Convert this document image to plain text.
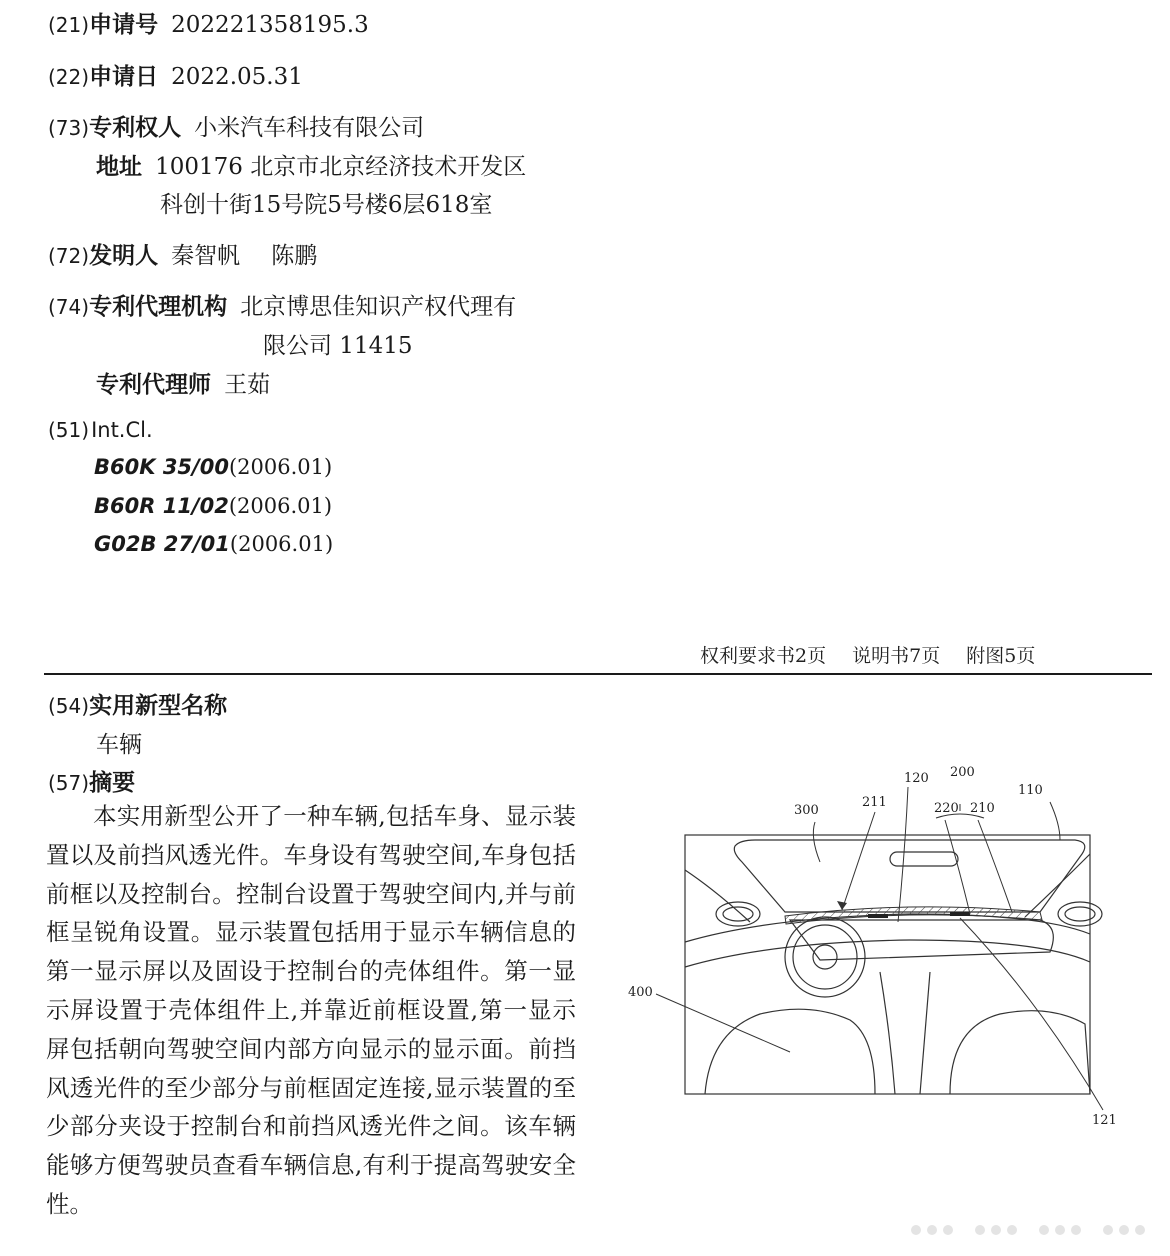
(21)申请号 202221358195.3
(22)申请日 2022.05.31
(73)专利权人 小米汽车科技有限公司
地址 100176 北京市北京经济技术开发区
科创十街15号院5号楼6层618室
(72)发明人 秦智帆 陈鹏
(74)专利代理机构 北京博思佳知识产权代理有
限公司 11415
专利代理师 王茹
(51)Int.Cl.
B60K 35/00(2006.01)
B60R 11/02(2006.01)
G02B 27/01(2006.01)
权利要求书2页 说明书7页 附图5页
(54)实用新型名称
车辆
(57)摘要

本实用新型公开了一种车辆,包括车身、显示装置以及前挡风透光件。车身设有驾驶空间,车身包括前框以及控制台。控制台设置于驾驶空间内,并与前框呈锐角设置。显示装置包括用于显示车辆信息的第一显示屏以及固设于控制台的壳体组件。第一显示屏设置于壳体组件上,并靠近前框设置,第一显示屏包括朝向驾驶空间内部方向显示的显示面。前挡风透光件的至少部分与前框固定连接,显示装置的至少部分夹设于控制台和前挡风透光件之间。该车辆能够方便驾驶员查看车辆信息,有利于提高驾驶安全性。

120 200
110
300
211	220 210
400
121
